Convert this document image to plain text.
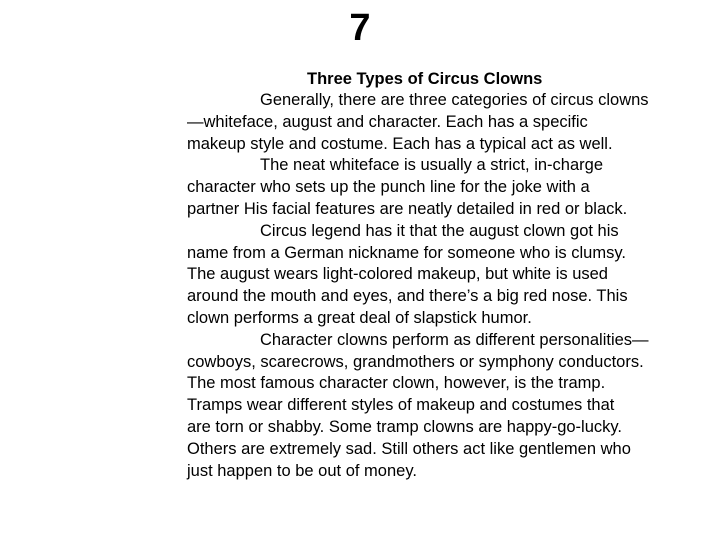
7
Three Types of Circus Clowns

Generally, there are three categories of circus clowns
—whiteface, august and character. Each has a specific
makeup style and costume. Each has a typical act as well.

The neat whiteface is usually a strict, in-charge
character who sets up the punch line for the joke with a
partner His facial features are neatly detailed in red or black.

Circus legend has it that the august clown got his
name from a German nickname for someone who is clumsy.
The august wears light-colored makeup, but white is used
around the mouth and eyes, and there’s a big red nose. This
clown performs a great deal of slapstick humor.

Character clowns perform as different personalities—
cowboys, scarecrows, grandmothers or symphony conductors.
The most famous character clown, however, is the tramp.
Tramps wear different styles of makeup and costumes that
are torn or shabby. Some tramp clowns are happy-go-lucky.
Others are extremely sad. Still others act like gentlemen who
just happen to be out of money.
